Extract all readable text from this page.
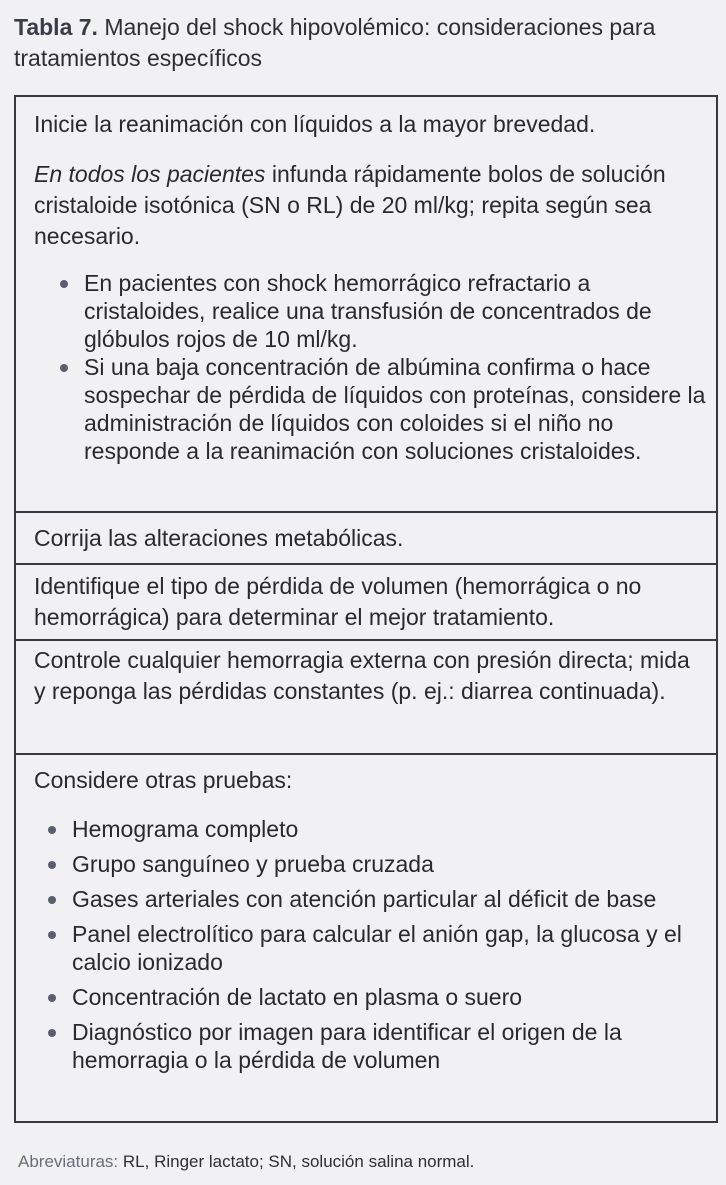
Tabla 7. Manejo del shock hipovolémico: consideraciones para tratamientos específicos
Inicie la reanimación con líquidos a la mayor brevedad.
En todos los pacientes infunda rápidamente bolos de solución cristaloide isotónica (SN o RL) de 20 ml/kg; repita según sea necesario.
En pacientes con shock hemorrágico refractario a cristaloides, realice una transfusión de concentrados de glóbulos rojos de 10 ml/kg.
Si una baja concentración de albúmina confirma o hace sospechar de pérdida de líquidos con proteínas, considere la administración de líquidos con coloides si el niño no responde a la reanimación con soluciones cristaloides.
Corrija las alteraciones metabólicas.
Identifique el tipo de pérdida de volumen (hemorrágica o no hemorrágica) para determinar el mejor tratamiento.
Controle cualquier hemorragia externa con presión directa; mida y reponga las pérdidas constantes (p. ej.: diarrea continuada).
Considere otras pruebas:
Hemograma completo
Grupo sanguíneo y prueba cruzada
Gases arteriales con atención particular al déficit de base
Panel electrolítico para calcular el anión gap, la glucosa y el calcio ionizado
Concentración de lactato en plasma o suero
Diagnóstico por imagen para identificar el origen de la hemorragia o la pérdida de volumen
Abreviaturas: RL, Ringer lactato; SN, solución salina normal.
